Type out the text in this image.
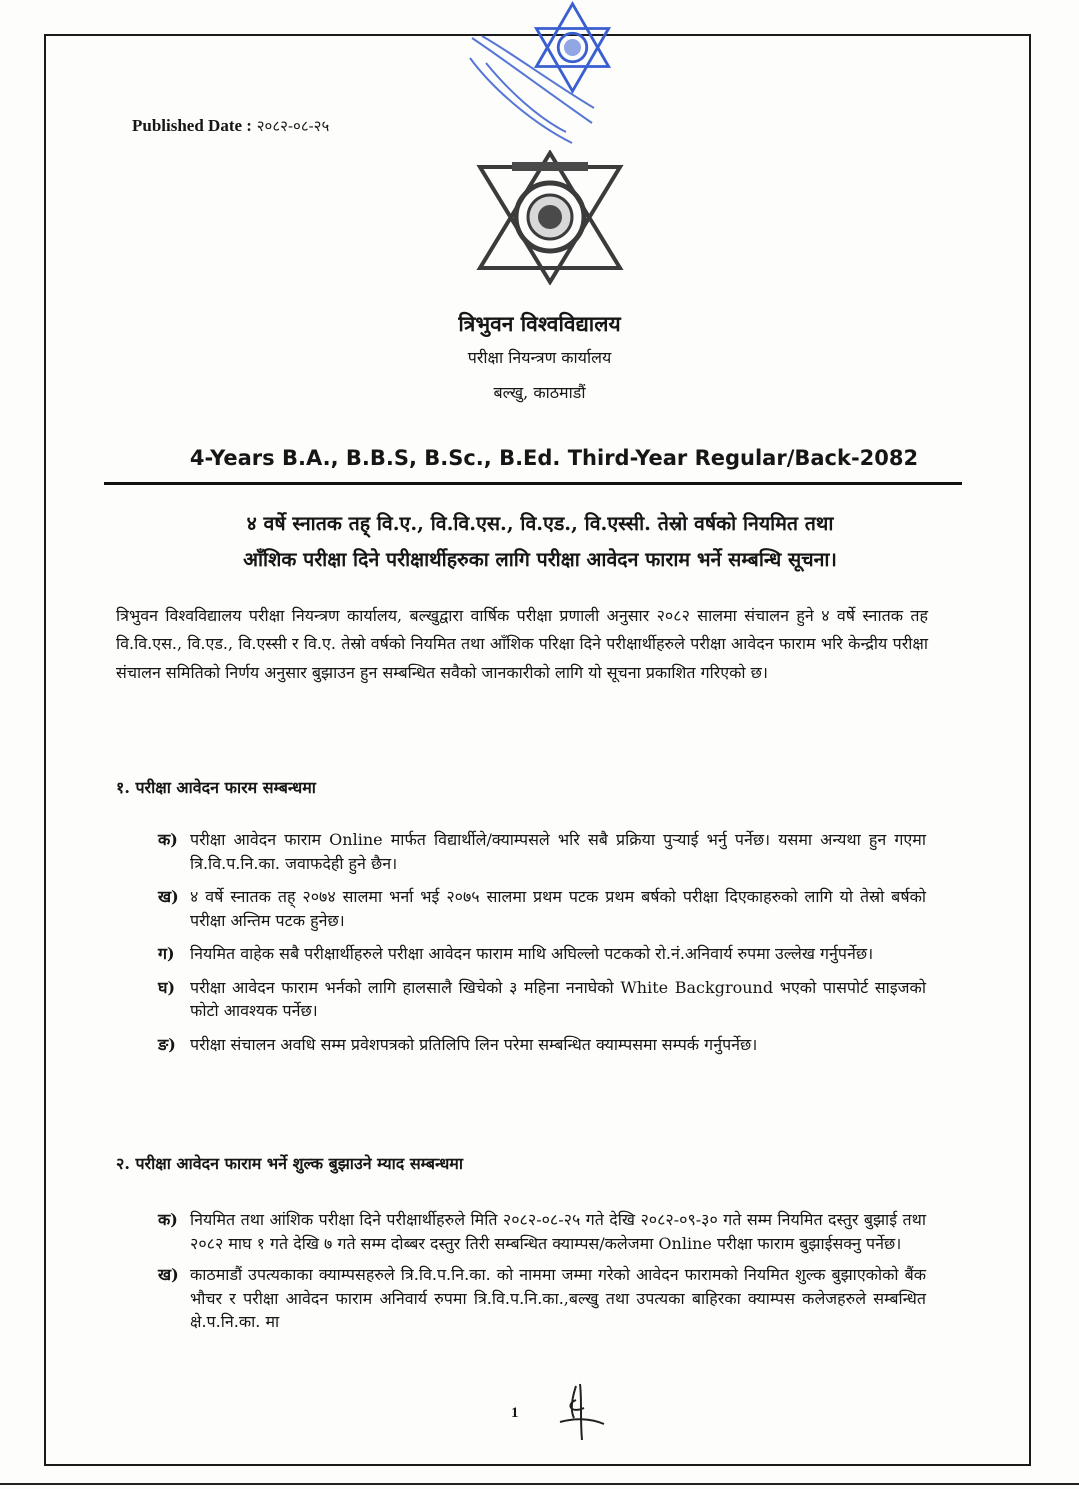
Published Date : २०८२-०८-२५
त्रिभुवन विश्वविद्यालय
परीक्षा नियन्त्रण कार्यालय
बल्खु, काठमाडौं
4-Years B.A., B.B.S, B.Sc., B.Ed. Third-Year Regular/Back-2082
४ वर्षे स्नातक तह् वि.ए., वि.वि.एस., वि.एड., वि.एस्सी. तेस्रो वर्षको नियमित तथा
आँशिक परीक्षा दिने परीक्षार्थीहरुका लागि परीक्षा आवेदन फाराम भर्ने सम्बन्धि सूचना।
त्रिभुवन विश्वविद्यालय परीक्षा नियन्त्रण कार्यालय, बल्खुद्वारा वार्षिक परीक्षा प्रणाली अनुसार २०८२ सालमा संचालन हुने ४ वर्षे स्नातक तह वि.वि.एस., वि.एड., वि.एस्सी र वि.ए. तेस्रो वर्षको नियमित तथा आँशिक परिक्षा दिने परीक्षार्थीहरुले परीक्षा आवेदन फाराम भरि केन्द्रीय परीक्षा संचालन समितिको निर्णय अनुसार बुझाउन हुन सम्बन्धित सवैको जानकारीको लागि यो सूचना प्रकाशित गरिएको छ।
१. परीक्षा आवेदन फारम सम्बन्धमा
क) परीक्षा आवेदन फाराम Online मार्फत विद्यार्थीले/क्याम्पसले भरि सबै प्रक्रिया पुऱ्याई भर्नु पर्नेछ। यसमा अन्यथा हुन गएमा त्रि.वि.प.नि.का. जवाफदेही हुने छैन।
ख) ४ वर्षे स्नातक तह् २०७४ सालमा भर्ना भई २०७५ सालमा प्रथम पटक प्रथम बर्षको परीक्षा दिएकाहरुको लागि यो तेस्रो बर्षको परीक्षा अन्तिम पटक हुनेछ।
ग) नियमित वाहेक सबै परीक्षार्थीहरुले परीक्षा आवेदन फाराम माथि अघिल्लो पटकको रो.नं.अनिवार्य रुपमा उल्लेख गर्नुपर्नेछ।
घ) परीक्षा आवेदन फाराम भर्नको लागि हालसालै खिचेको ३ महिना ननाघेको White Background भएको पासपोर्ट साइजको फोटो आवश्यक पर्नेछ।
ङ) परीक्षा संचालन अवधि सम्म प्रवेशपत्रको प्रतिलिपि लिन परेमा सम्बन्धित क्याम्पसमा सम्पर्क गर्नुपर्नेछ।
२. परीक्षा आवेदन फाराम भर्ने शुल्क बुझाउने म्याद सम्बन्धमा
क) नियमित तथा आंशिक परीक्षा दिने परीक्षार्थीहरुले मिति २०८२-०८-२५ गते देखि २०८२-०९-३० गते सम्म नियमित दस्तुर बुझाई तथा २०८२ माघ १ गते देखि ७ गते सम्म दोब्बर दस्तुर तिरी सम्बन्धित क्याम्पस/कलेजमा Online परीक्षा फाराम बुझाईसक्नु पर्नेछ।
ख) काठमाडौं उपत्यकाका क्याम्पसहरुले त्रि.वि.प.नि.का. को नाममा जम्मा गरेको आवेदन फारामको नियमित शुल्क बुझाएकोको बैंक भौचर र परीक्षा आवेदन फाराम अनिवार्य रुपमा त्रि.वि.प.नि.का.,बल्खु तथा उपत्यका बाहिरका क्याम्पस कलेजहरुले सम्बन्धित क्षे.प.नि.का. मा
1
